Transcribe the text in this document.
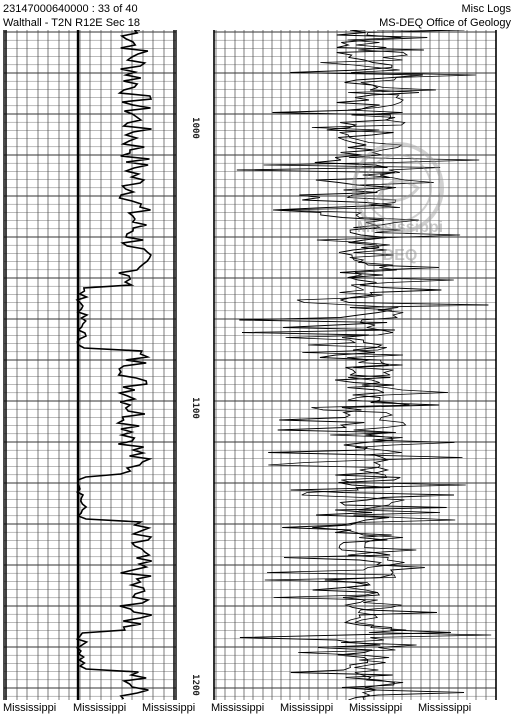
23147000640000 : 33 of 40
Walthall - T2N R12E Sec 18
Misc Logs
MS-DEQ Office of Geology
1000
1100
1200
Mississippi
DEQ
Mississippi Mississippi Mississippi Mississippi Mississippi Mississippi Mississippi
